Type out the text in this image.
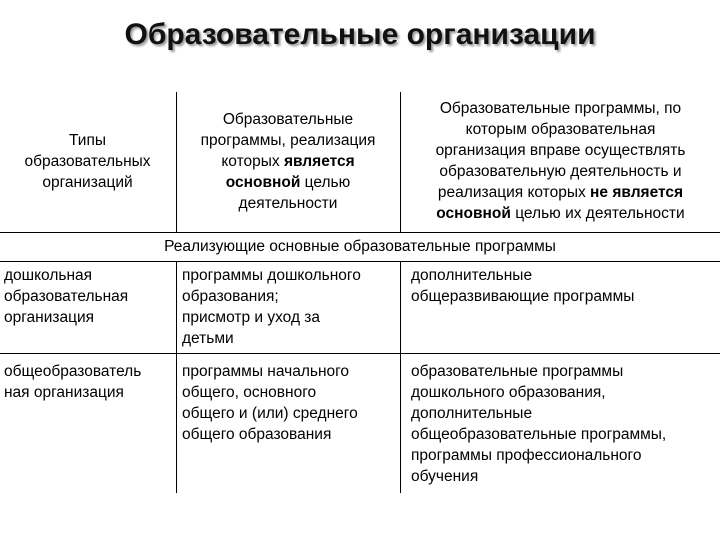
Образовательные организации
Типы
образовательных
организаций
Образовательные
программы, реализация
которых является
основной целью
деятельности
Образовательные программы, по
которым образовательная
организация вправе осуществлять
образовательную деятельность и
реализация которых не является
основной целью их деятельности
Реализующие основные образовательные программы
дошкольная
образовательная
организация
программы дошкольного
образования;
присмотр и уход за
детьми
дополнительные
общеразвивающие программы
общеобразователь
ная организация
программы начального
общего, основного
общего и (или) среднего
общего образования
образовательные программы
дошкольного образования,
дополнительные
общеобразовательные программы,
программы профессионального
обучения
